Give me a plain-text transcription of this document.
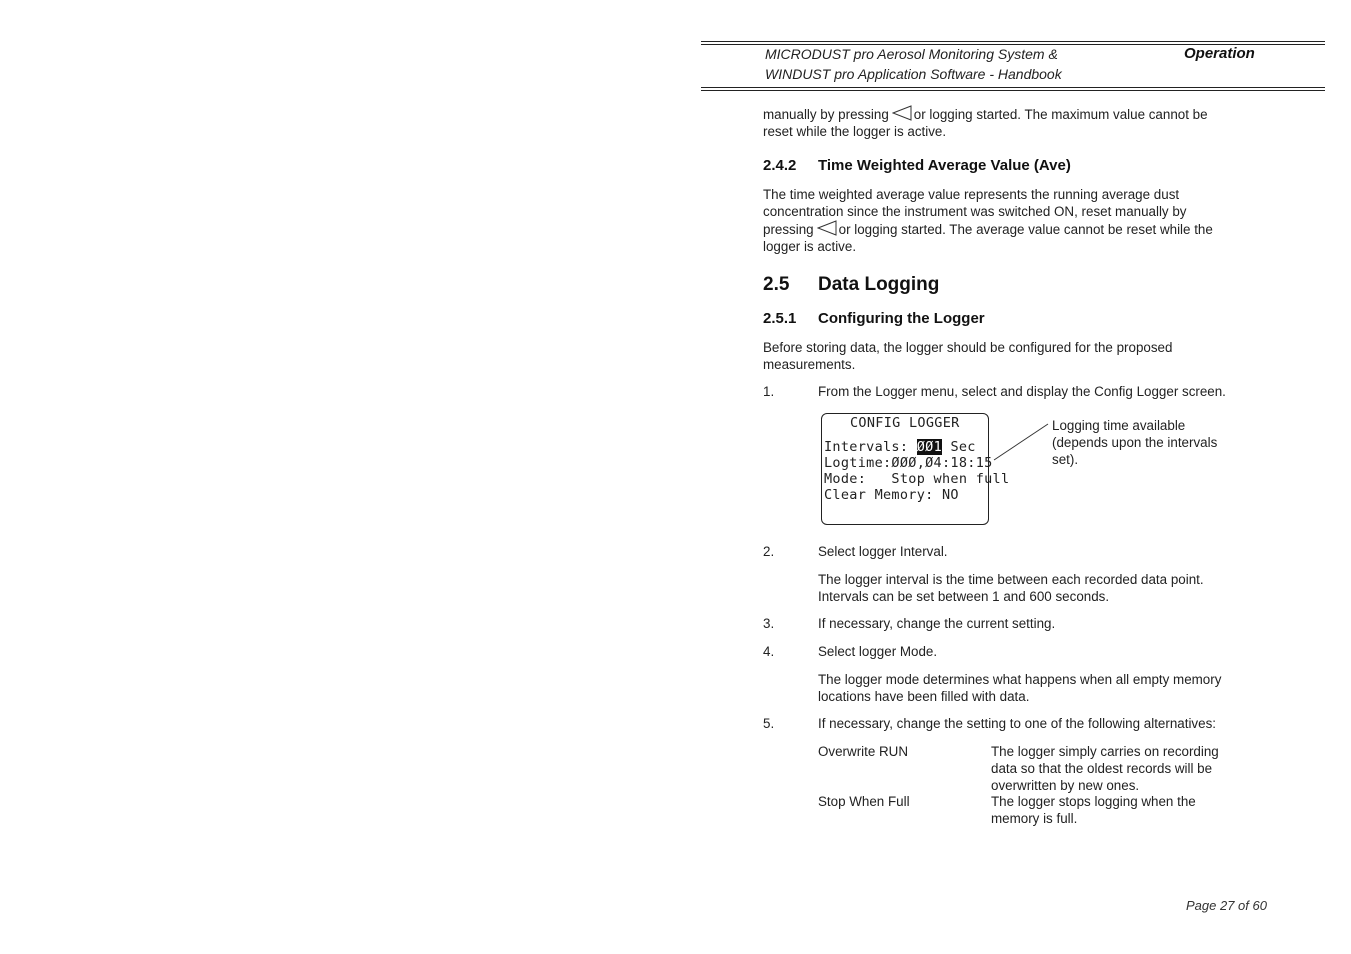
MICRODUST pro Aerosol Monitoring System &
WINDUST pro Application Software - Handbook
Operation
manually by pressing or logging started. The maximum value cannot be
reset while the logger is active.
2.4.2 Time Weighted Average Value (Ave)
The time weighted average value represents the running average dust
concentration since the instrument was switched ON, reset manually by
pressing or logging started. The average value cannot be reset while the
logger is active.
2.5 Data Logging
2.5.1 Configuring the Logger
Before storing data, the logger should be configured for the proposed
measurements.
1.	From the Logger menu, select and display the Config Logger screen.
CONFIG LOGGER
Intervals: ØØ1 Sec
Logtime:ØØØ,Ø4:18:15
Mode:   Stop when full
Clear Memory: NO
Logging time available
(depends upon the intervals
set).
2.	Select logger Interval.
The logger interval is the time between each recorded data point.
Intervals can be set between 1 and 600 seconds.
3.	If necessary, change the current setting.
4.	Select logger Mode.
The logger mode determines what happens when all empty memory
locations have been filled with data.
5.	If necessary, change the setting to one of the following alternatives:
Overwrite RUN	The logger simply carries on recording
data so that the oldest records will be
overwritten by new ones.
Stop When Full	The logger stops logging when the
memory is full.
Page 27 of 60
